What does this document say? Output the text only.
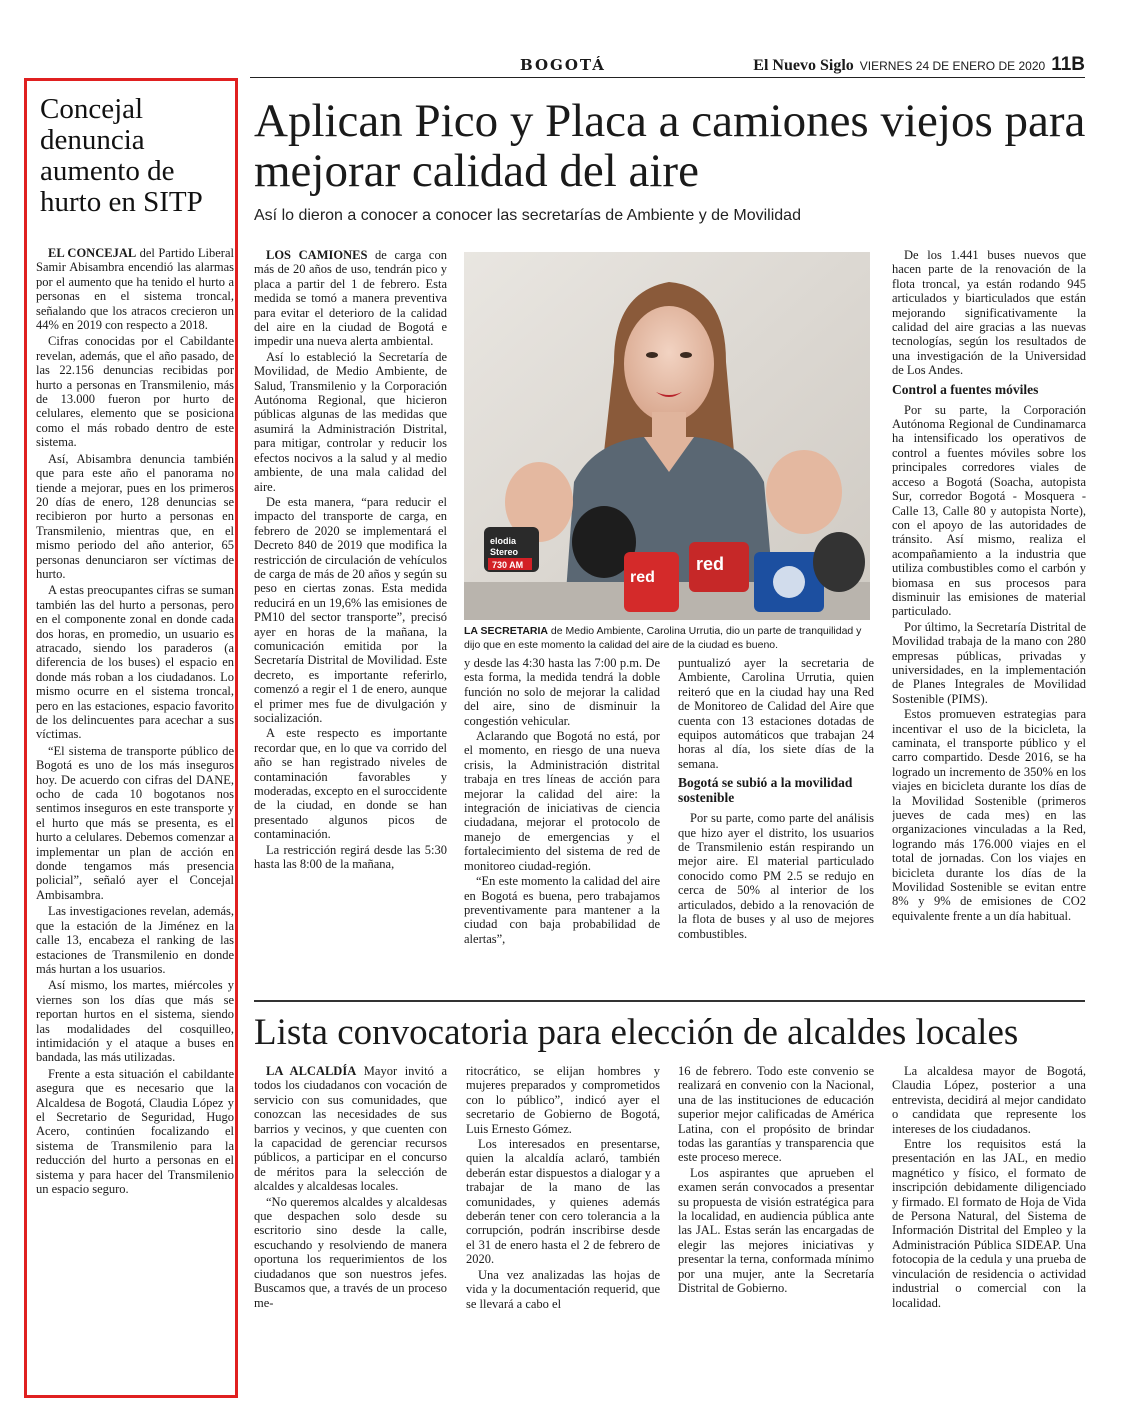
BOGOTÁ	El Nuevo Siglo VIERNES 24 DE ENERO DE 2020 11B
Concejal denuncia aumento de hurto en SITP

EL CONCEJAL del Partido Liberal Samir Abisambra encendió las alarmas por el aumento que ha tenido el hurto a personas en el sistema troncal, señalando que los atracos crecieron un 44% en 2019 con respecto a 2018.

Cifras conocidas por el Cabildante revelan, además, que el año pasado, de las 22.156 denuncias recibidas por hurto a personas en Transmilenio, más de 13.000 fueron por hurto de celulares, elemento que se posiciona como el más robado dentro de este sistema.

Así, Abisambra denuncia también que para este año el panorama no tiende a mejorar, pues en los primeros 20 días de enero, 128 denuncias se recibieron por hurto a personas en Transmilenio, mientras que, en el mismo periodo del año anterior, 65 personas denunciaron ser víctimas de hurto.

A estas preocupantes cifras se suman también las del hurto a personas, pero en el componente zonal en donde cada dos horas, en promedio, un usuario es atracado, siendo los paraderos (a diferencia de los buses) el espacio en donde más roban a los ciudadanos. Lo mismo ocurre en el sistema troncal, pero en las estaciones, espacio favorito de los delincuentes para acechar a sus víctimas.

“El sistema de transporte público de Bogotá es uno de los más inseguros hoy. De acuerdo con cifras del DANE, ocho de cada 10 bogotanos nos sentimos inseguros en este transporte y el hurto que más se presenta, es el hurto a celulares. Debemos comenzar a implementar un plan de acción en donde tengamos más presencia policial”, señaló ayer el Concejal Ambisambra.

Las investigaciones revelan, además, que la estación de la Jiménez en la calle 13, encabeza el ranking de las estaciones de Transmilenio en donde más hurtan a los usuarios.

Así mismo, los martes, miércoles y viernes son los días que más se reportan hurtos en el sistema, siendo las modalidades del cosquilleo, intimidación y el ataque a buses en bandada, las más utilizadas.

Frente a esta situación el cabildante asegura que es necesario que la Alcaldesa de Bogotá, Claudia López y el Secretario de Seguridad, Hugo Acero, continúen focalizando el sistema de Transmilenio para la reducción del hurto a personas en el sistema y para hacer del Transmilenio un espacio seguro.

Aplican Pico y Placa a camiones viejos para mejorar calidad del aire
Así lo dieron a conocer a conocer las secretarías de Ambiente y de Movilidad

LOS CAMIONES de carga con más de 20 años de uso, tendrán pico y placa a partir del 1 de febrero. Esta medida se tomó a manera preventiva para evitar el deterioro de la calidad del aire en la ciudad de Bogotá e impedir una nueva alerta ambiental.

Así lo estableció la Secretaría de Movilidad, de Medio Ambiente, de Salud, Transmilenio y la Corporación Autónoma Regional, que hicieron públicas algunas de las medidas que asumirá la Administración Distrital, para mitigar, controlar y reducir los efectos nocivos a la salud y al medio ambiente, de una mala calidad del aire.

De esta manera, “para reducir el impacto del transporte de carga, en febrero de 2020 se implementará el Decreto 840 de 2019 que modifica la restricción de circulación de vehículos de carga de más de 20 años y según su peso en ciertas zonas. Esta medida reducirá en un 19,6% las emisiones de PM10 del sector transporte”, precisó ayer en horas de la mañana, la comunicación emitida por la Secretaría Distrital de Movilidad. Este decreto, es importante referirlo, comenzó a regir el 1 de enero, aunque el primer mes fue de divulgación y socialización.

A este respecto es importante recordar que, en lo que va corrido del año se han registrado niveles de contaminación favorables y moderadas, excepto en el suroccidente de la ciudad, en donde se han presentado algunos picos de contaminación.

La restricción regirá desde las 5:30 hasta las 8:00 de la mañana,

elodia
Stereo
730 AM
red
red
LA SECRETARIA de Medio Ambiente, Carolina Urrutia, dio un parte de tranquilidad y dijo que en este momento la calidad del aire de la ciudad es bueno.

y desde las 4:30 hasta las 7:00 p.m. De esta forma, la medida tendrá la doble función no solo de mejorar la calidad del aire, sino de disminuir la congestión vehicular.

Aclarando que Bogotá no está, por el momento, en riesgo de una nueva crisis, la Administración distrital trabaja en tres líneas de acción para mejorar la calidad del aire: la integración de iniciativas de ciencia ciudadana, mejorar el protocolo de manejo de emergencias y el fortalecimiento del sistema de red de monitoreo ciudad-región.

“En este momento la calidad del aire en Bogotá es buena, pero trabajamos preventivamente para mantener a la ciudad con baja probabilidad de alertas”,

puntualizó ayer la secretaria de Ambiente, Carolina Urrutia, quien reiteró que en la ciudad hay una Red de Monitoreo de Calidad del Aire que cuenta con 13 estaciones dotadas de equipos automáticos que trabajan 24 horas al día, los siete días de la semana.

Bogotá se subió a la movilidad sostenible

Por su parte, como parte del análisis que hizo ayer el distrito, los usuarios de Transmilenio están respirando un mejor aire. El material particulado conocido como PM 2.5 se redujo en cerca de 50% al interior de los articulados, debido a la renovación de la flota de buses y al uso de mejores combustibles.

De los 1.441 buses nuevos que hacen parte de la renovación de la flota troncal, ya están rodando 945 articulados y biarticulados que están mejorando significativamente la calidad del aire gracias a las nuevas tecnologías, según los resultados de una investigación de la Universidad de Los Andes.

Control a fuentes móviles

Por su parte, la Corporación Autónoma Regional de Cundinamarca ha intensificado los operativos de control a fuentes móviles sobre los principales corredores viales de acceso a Bogotá (Soacha, autopista Sur, corredor Bogotá - Mosquera - Calle 13, Calle 80 y autopista Norte), con el apoyo de las autoridades de tránsito. Así mismo, realiza el acompañamiento a la industria que utiliza combustibles como el carbón y biomasa en sus procesos para disminuir las emisiones de material particulado.

Por último, la Secretaría Distrital de Movilidad trabaja de la mano con 280 empresas públicas, privadas y universidades, en la implementación de Planes Integrales de Movilidad Sostenible (PIMS).

Estos promueven estrategias para incentivar el uso de la bicicleta, la caminata, el transporte público y el carro compartido. Desde 2016, se ha logrado un incremento de 350% en los viajes en bicicleta durante los días de la Movilidad Sostenible (primeros jueves de cada mes) en las organizaciones vinculadas a la Red, logrando más 176.000 viajes en el total de jornadas. Con los viajes en bicicleta durante los días de la Movilidad Sostenible se evitan entre 8% y 9% de emisiones de CO2 equivalente frente a un día habitual.

Lista convocatoria para elección de alcaldes locales

LA ALCALDÍA Mayor invitó a todos los ciudadanos con vocación de servicio con sus comunidades, que conozcan las necesidades de sus barrios y vecinos, y que cuenten con la capacidad de gerenciar recursos públicos, a participar en el concurso de méritos para la selección de alcaldes y alcaldesas locales.

“No queremos alcaldes y alcaldesas que despachen solo desde su escritorio sino desde la calle, escuchando y resolviendo de manera oportuna los requerimientos de los ciudadanos que son nuestros jefes. Buscamos que, a través de un proceso me-

ritocrático, se elijan hombres y mujeres preparados y comprometidos con lo público”, indicó ayer el secretario de Gobierno de Bogotá, Luis Ernesto Gómez.

Los interesados en presentarse, quien la alcaldía aclaró, también deberán estar dispuestos a dialogar y a trabajar de la mano de las comunidades, y quienes además deberán tener con cero tolerancia a la corrupción, podrán inscribirse desde el 31 de enero hasta el 2 de febrero de 2020.

Una vez analizadas las hojas de vida y la documentación requerid, que se llevará a cabo el

16 de febrero. Todo este convenio se realizará en convenio con la Nacional, una de las instituciones de educación superior mejor calificadas de América Latina, con el propósito de brindar todas las garantías y transparencia que este proceso merece.

Los aspirantes que aprueben el examen serán convocados a presentar su propuesta de visión estratégica para la localidad, en audiencia pública ante las JAL. Estas serán las encargadas de elegir las mejores iniciativas y presentar la terna, conformada mínimo por una mujer, ante la Secretaría Distrital de Gobierno.

La alcaldesa mayor de Bogotá, Claudia López, posterior a una entrevista, decidirá al mejor candidato o candidata que represente los intereses de los ciudadanos.

Entre los requisitos está la presentación en las JAL, en medio magnético y físico, el formato de inscripción debidamente diligenciado y firmado. El formato de Hoja de Vida de Persona Natural, del Sistema de Información Distrital del Empleo y la Administración Pública SIDEAP. Una fotocopia de la cedula y una prueba de vinculación de residencia o actividad industrial o comercial con la localidad.
